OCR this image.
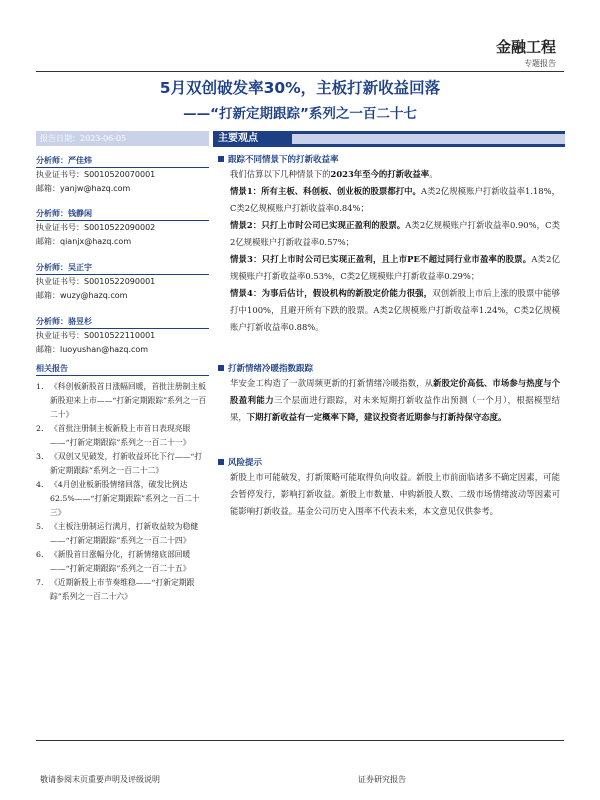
金融工程
专题报告
5月双创破发率30%，主板打新收益回落
——“打新定期跟踪”系列之一百二十七
报告日期：2023-06-05	主要观点
分析师：严佳炜
执业证书号：S0010520070001
邮箱：yanjw@hazq.com
分析师：钱静闲
执业证书号：S0010522090002
邮箱：qianjx@hazq.com
分析师：吴正宇
执业证书号：S0010522090001
邮箱：wuzy@hazq.com
分析师：骆昱杉
执业证书号：S0010522110001
邮箱：luoyushan@hazq.com
相关报告
1. 《科创板新股首日涨幅回暖，首批注册制主板新股迎来上市——“打新定期跟踪”系列之一百二十》
2. 《首批注册制主板新股上市首日表现亮眼——“打新定期跟踪”系列之一百二十一》
3. 《双创又见破发，打新收益环比下行——“打新定期跟踪”系列之一百二十二》
4. 《4月创业板新股情绪回落，破发比例达62.5%——“打新定期跟踪”系列之一百二十三》
5. 《主板注册制运行满月，打新收益较为稳健——“打新定期跟踪”系列之一百二十四》
6. 《新股首日涨幅分化，打新情绪底部回暖——“打新定期跟踪”系列之一百二十五》
7. 《近期新股上市节奏维稳——“打新定期跟踪”系列之一百二十六》
跟踪不同情景下的打新收益率

我们估算以下几种情景下的2023年至今的打新收益率。

情景1：所有主板、科创板、创业板的股票都打中。A类2亿规模账户打新收益率1.18%，C类2亿规模账户打新收益率0.84%；

情景2：只打上市时公司已实现正盈利的股票。A类2亿规模账户打新收益率0.90%，C类2亿规模账户打新收益率0.57%；

情景3：只打上市时公司已实现正盈利，且上市PE不超过同行业市盈率的股票。A类2亿规模账户打新收益率0.53%，C类2亿规模账户打新收益率0.29%；

情景4：为事后估计，假设机构的新股定价能力很强，双创新股上市后上涨的股票中能够打中100%，且避开所有下跌的股票。A类2亿规模账户打新收益率1.24%，C类2亿规模账户打新收益率0.88%。

打新情绪冷暖指数跟踪

华安金工构造了一款周频更新的打新情绪冷暖指数，从新股定价高低、市场参与热度与个股盈利能力三个层面进行跟踪，对未来短期打新收益作出预测（一个月），根据模型结果，下期打新收益有一定概率下降，建议投资者近期参与打新持保守态度。

风险提示

新股上市可能破发，打新策略可能取得负向收益。新股上市前面临诸多不确定因素，可能会暂停发行，影响打新收益。新股上市数量、申购新股人数、二级市场情绪波动等因素可能影响打新收益。基金公司历史入围率不代表未来，本文意见仅供参考。

敬请参阅末页重要声明及评级说明	证券研究报告
